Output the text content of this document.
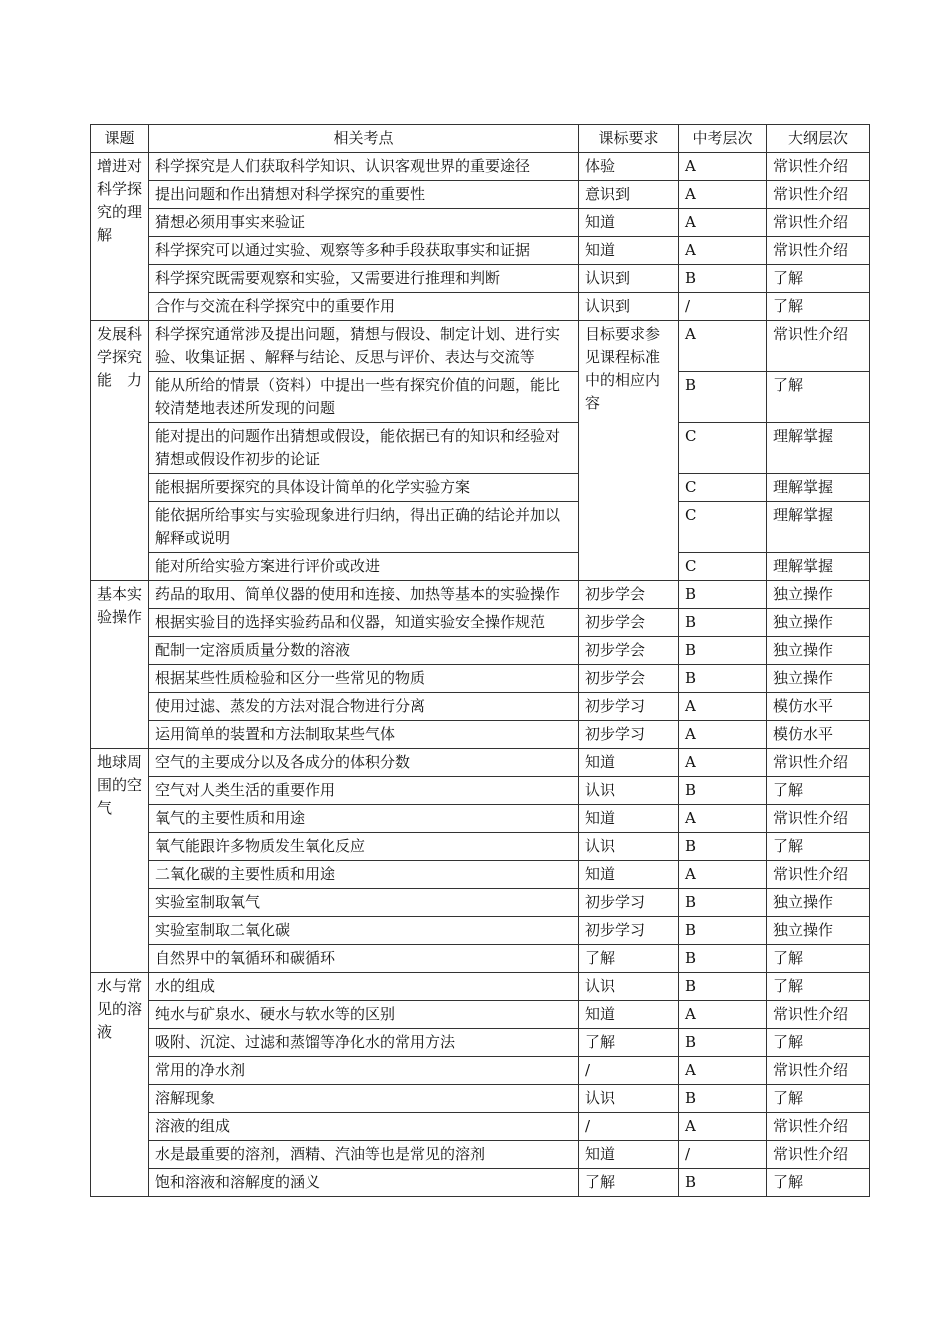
课题	相关考点	课标要求	中考层次	大纲层次
增进对科学探究的理解	科学探究是人们获取科学知识、认识客观世界的重要途径	体验	A	常识性介绍
	提出问题和作出猜想对科学探究的重要性	意识到	A	常识性介绍
	猜想必须用事实来验证	知道	A	常识性介绍
	科学探究可以通过实验、观察等多种手段获取事实和证据	知道	A	常识性介绍
	科学探究既需要观察和实验，又需要进行推理和判断	认识到	B	了解
	合作与交流在科学探究中的重要作用	认识到	/	了解
发展科学探究能力	科学探究通常涉及提出问题，猜想与假设、制定计划、进行实验、收集证据 、解释与结论、反思与评价、表达与交流等	目标要求参见课程标准中的相应内容	A	常识性介绍
	能从所给的情景（资料）中提出一些有探究价值的问题，能比较清楚地表述所发现的问题		B	了解
	能对提出的问题作出猜想或假设，能依据已有的知识和经验对猜想或假设作初步的论证		C	理解掌握
	能根据所要探究的具体设计简单的化学实验方案		C	理解掌握
	能依据所给事实与实验现象进行归纳，得出正确的结论并加以解释或说明		C	理解掌握
	能对所给实验方案进行评价或改进		C	理解掌握
基本实验操作	药品的取用、简单仪器的使用和连接、加热等基本的实验操作	初步学会	B	独立操作
	根据实验目的选择实验药品和仪器，知道实验安全操作规范	初步学会	B	独立操作
	配制一定溶质质量分数的溶液	初步学会	B	独立操作
	根据某些性质检验和区分一些常见的物质	初步学会	B	独立操作
	使用过滤、蒸发的方法对混合物进行分离	初步学习	A	模仿水平
	运用简单的装置和方法制取某些气体	初步学习	A	模仿水平
地球周围的空气	空气的主要成分以及各成分的体积分数	知道	A	常识性介绍
	空气对人类生活的重要作用	认识	B	了解
	氧气的主要性质和用途	知道	A	常识性介绍
	氧气能跟许多物质发生氧化反应	认识	B	了解
	二氧化碳的主要性质和用途	知道	A	常识性介绍
	实验室制取氧气	初步学习	B	独立操作
	实验室制取二氧化碳	初步学习	B	独立操作
	自然界中的氧循环和碳循环	了解	B	了解
水与常见的溶液	水的组成	认识	B	了解
	纯水与矿泉水、硬水与软水等的区别	知道	A	常识性介绍
	吸附、沉淀、过滤和蒸馏等净化水的常用方法	了解	B	了解
	常用的净水剂	/	A	常识性介绍
	溶解现象	认识	B	了解
	溶液的组成	/	A	常识性介绍
	水是最重要的溶剂，酒精、汽油等也是常见的溶剂	知道	/	常识性介绍
	饱和溶液和溶解度的涵义	了解	B	了解
